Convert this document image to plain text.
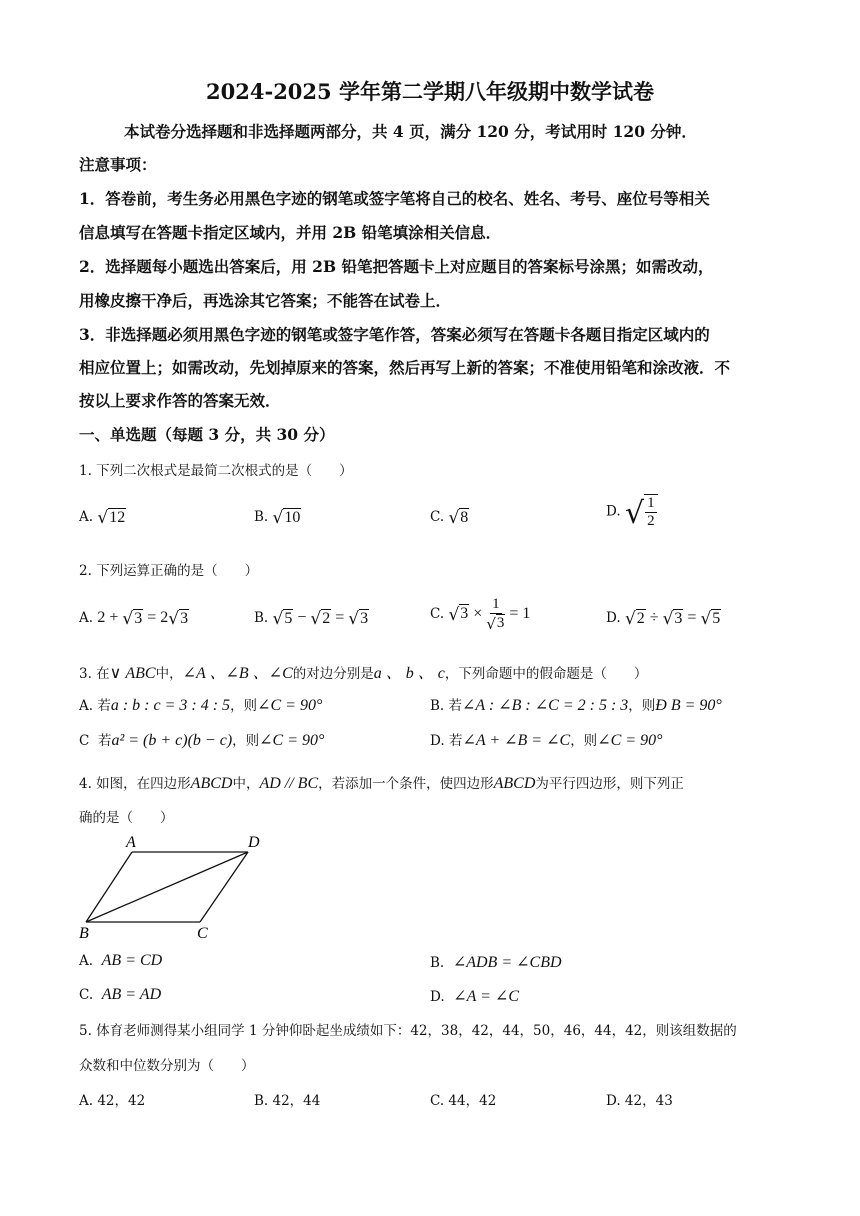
2024-2025 学年第二学期八年级期中数学试卷
本试卷分选择题和非选择题两部分，共 4 页，满分 120 分，考试用时 120 分钟．
注意事项：
1．答卷前，考生务必用黑色字迹的钢笔或签字笔将自己的校名、姓名、考号、座位号等相关
信息填写在答题卡指定区域内，并用 2B 铅笔填涂相关信息．
2．选择题每小题选出答案后，用 2B 铅笔把答题卡上对应题目的答案标号涂黑；如需改动，
用橡皮擦干净后，再选涂其它答案；不能答在试卷上．
3．非选择题必须用黑色字迹的钢笔或签字笔作答，答案必须写在答题卡各题目指定区域内的
相应位置上；如需改动，先划掉原来的答案，然后再写上新的答案；不准使用铅笔和涂改液．不
按以上要求作答的答案无效．
一、单选题（每题 3 分，共 30 分）
1. 下列二次根式是最简二次根式的是（　　）
A. √ 12	B. √ 10	C. √ 8	D. √ $\frac{1}{2}$
2. 下列运算正确的是（　　）
A. 2 + √ 3 = 2 √ 3	B. √ 5 − √ 2 = √ 3	C. √ $3 \times \frac{1}{√ 3} = 1$	D. √ 2 ÷ √ 3 = √ 5
3. 在∨ ABC中，∠A 、∠B 、∠C的对边分别是a 、 b 、 c，下列命题中的假命题是（　　）
A. 若a : b : c = 3 : 4 : 5，则∠C = 90°	B. 若∠A : ∠B : ∠C = 2 : 5 : 3，则Ð B = 90°
C 若a² = (b + c)(b − c)，则∠C = 90°	D. 若∠A + ∠B = ∠C，则∠C = 90°
4. 如图，在四边形ABCD中，AD // BC，若添加一个条件，使四边形ABCD为平行四边形，则下列正
确的是（　　）
A	D
B	C
A. AB = CD	B. ∠ADB = ∠CBD
C. AB = AD	D. ∠A = ∠C
5. 体育老师测得某小组同学 1 分钟仰卧起坐成绩如下：42，38，42，44，50，46，44，42，则该组数据的
众数和中位数分别为（　　）
A. 42，42	B. 42，44	C. 44，42	D. 42，43
